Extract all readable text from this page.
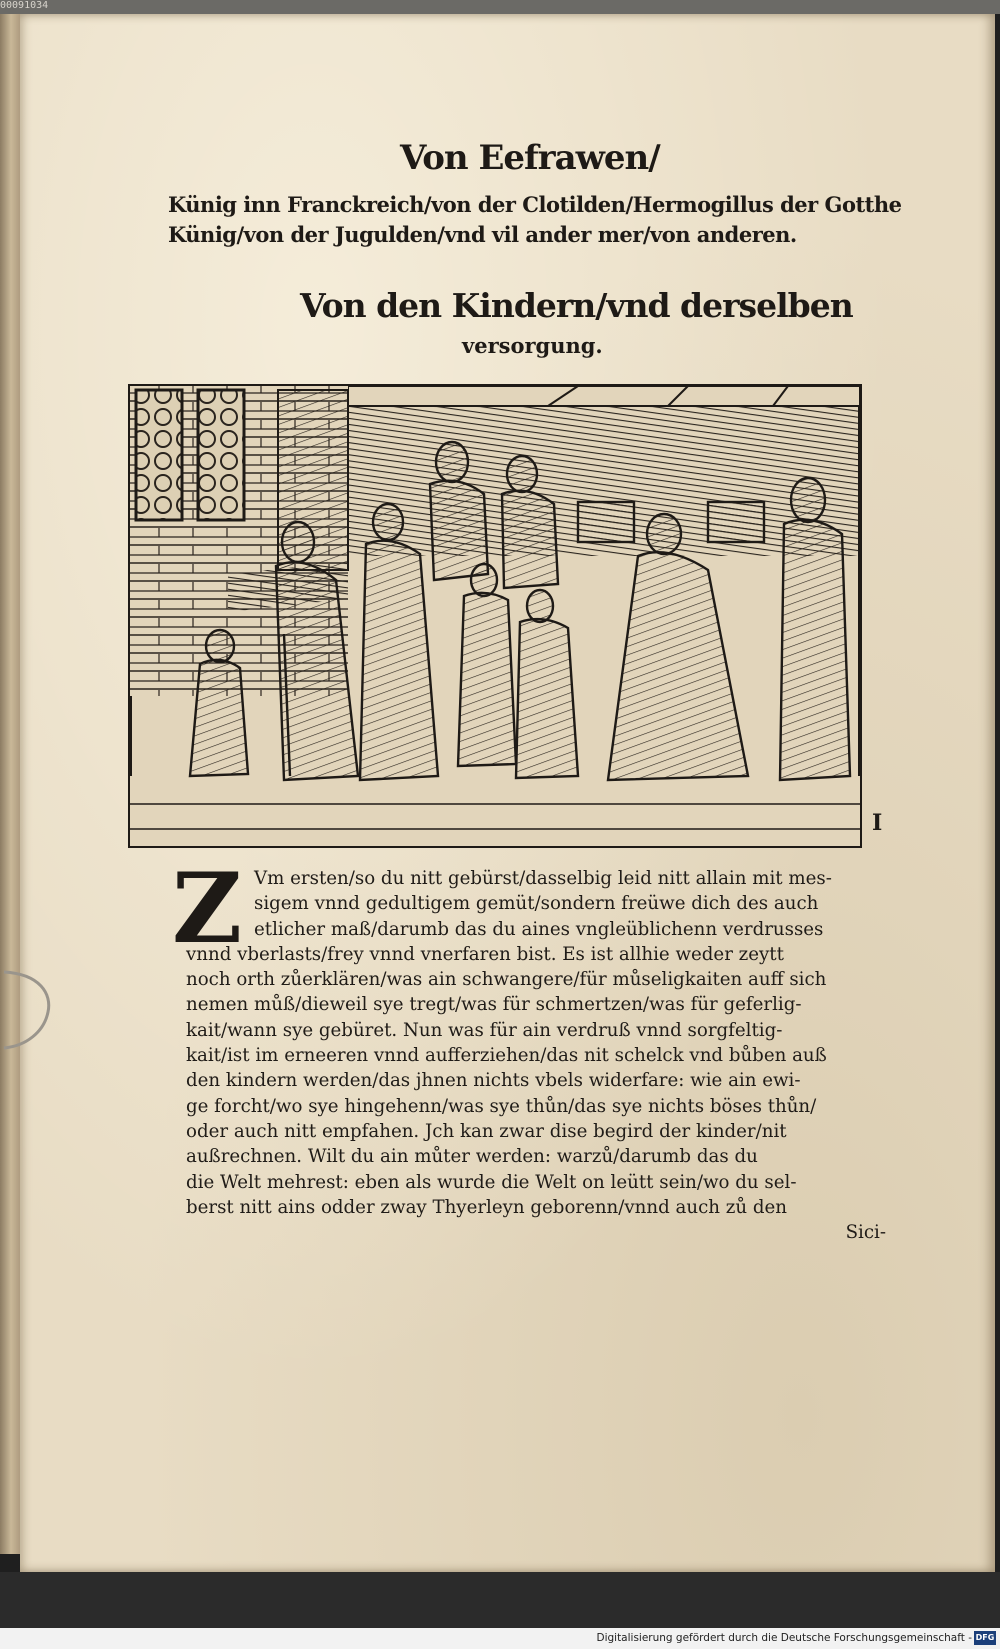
00091034
Von Eefrawen/
Künig inn Franckreich/von der Clotilden/Hermogillus der Gotthe
Künig/von der Jugulden/vnd vil ander mer/von anderen.
Von den Kindern/vnd derselben
versorgung.
I
Z Vm ersten/so du nitt gebürst/dasselbig leid nitt allain mit mes-
sigem vnnd gedultigem gemüt/sondern freüwe dich des auch
etlicher maß/darumb das du aines vngleüblichenn verdrusses
vnnd vberlasts/frey vnnd vnerfaren bist. Es ist allhie weder zeytt
noch orth zůerklären/was ain schwangere/für můseligkaiten auff sich
nemen můß/dieweil sye tregt/was für schmertzen/was für geferlig-
kait/wann sye gebüret. Nun was für ain verdruß vnnd sorgfeltig-
kait/ist im erneeren vnnd aufferziehen/das nit schelck vnd bůben auß
den kindern werden/das jhnen nichts vbels widerfare: wie ain ewi-
ge forcht/wo sye hingehenn/was sye thůn/das sye nichts böses thůn/
oder auch nitt empfahen. Jch kan zwar dise begird der kinder/nit
außrechnen. Wilt du ain můter werden: warzů/darumb das du
die Welt mehrest: eben als wurde die Welt on leütt sein/wo du sel-
berst nitt ains odder zway Thyerleyn geborenn/vnnd auch zů den
Sici-
Digitalisierung gefördert durch die Deutsche Forschungsgemeinschaft - DFG
